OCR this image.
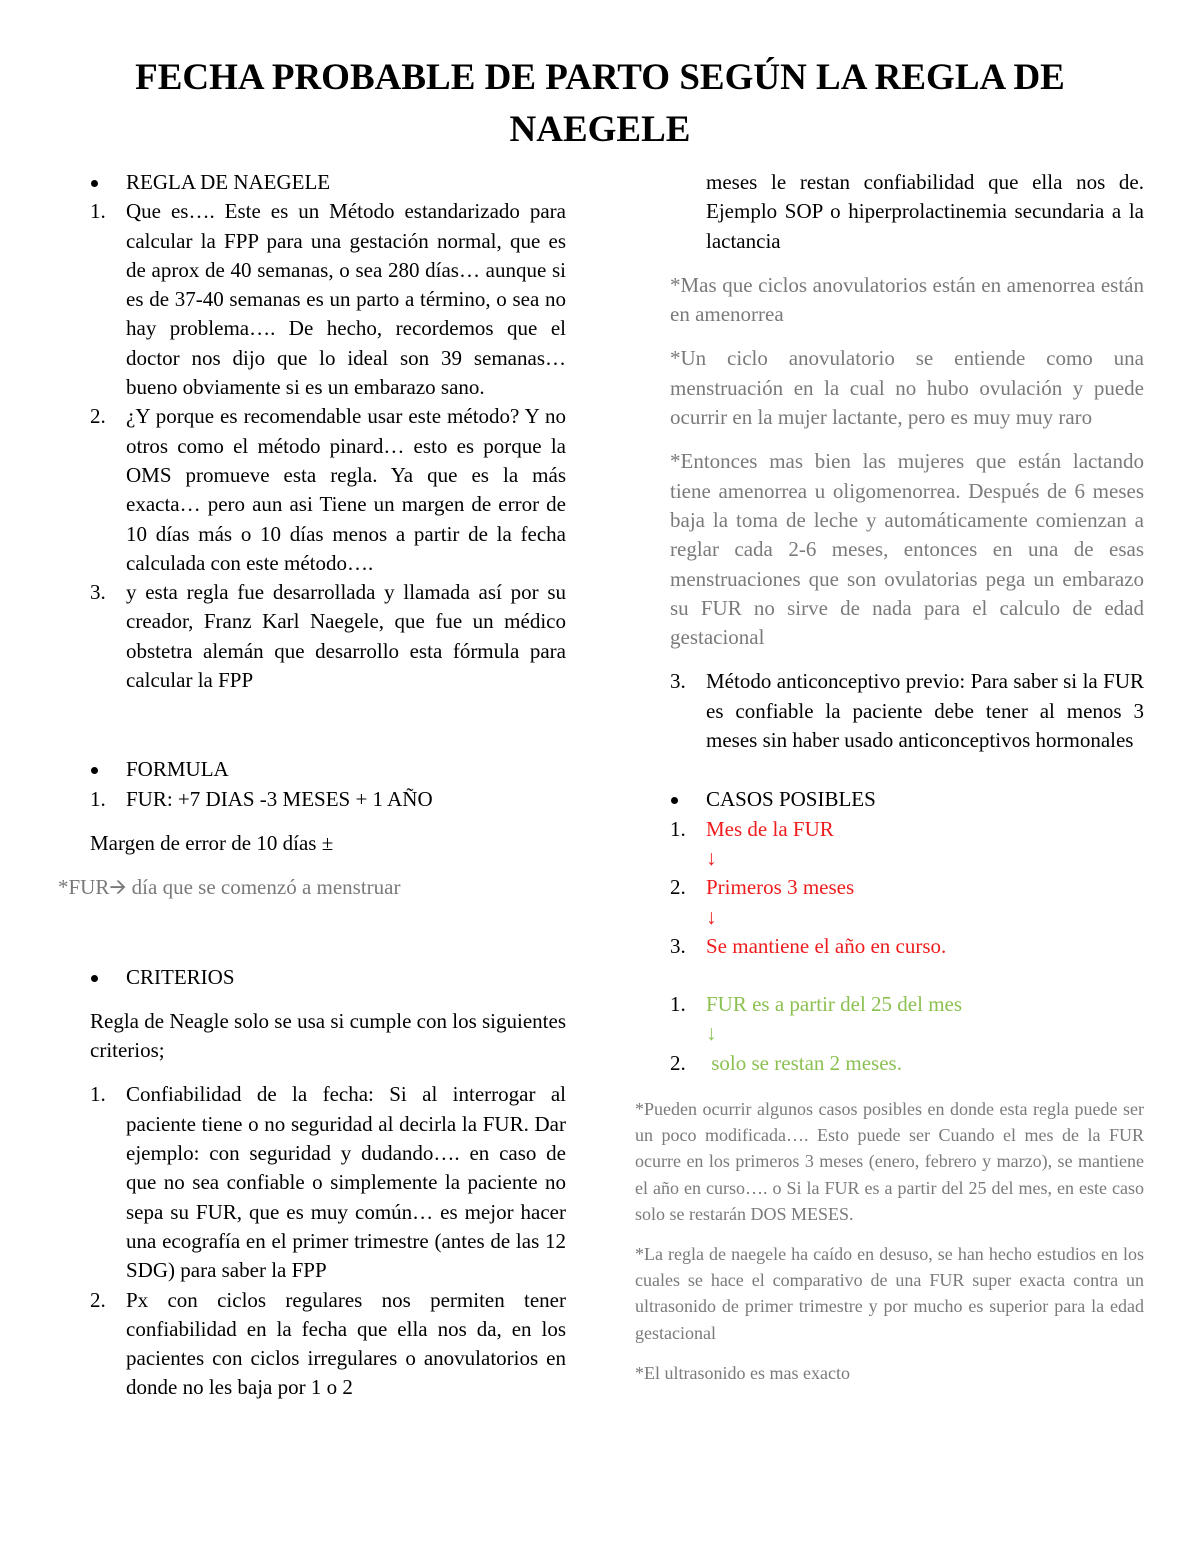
FECHA PROBABLE DE PARTO SEGÚN LA REGLA DE NAEGELE
REGLA DE NAEGELE
1. Que es…. Este es un Método estandarizado para calcular la FPP para una gestación normal, que es de aprox de 40 semanas, o sea 280 días… aunque si es de 37-40 semanas es un parto a término, o sea no hay problema…. De hecho, recordemos que el doctor nos dijo que lo ideal son 39 semanas… bueno obviamente si es un embarazo sano.
2. ¿Y porque es recomendable usar este método? Y no otros como el método pinard… esto es porque la OMS promueve esta regla. Ya que es la más exacta… pero aun asi Tiene un margen de error de 10 días más o 10 días menos a partir de la fecha calculada con este método….
3. y esta regla fue desarrollada y llamada así por su creador, Franz Karl Naegele, que fue un médico obstetra alemán que desarrollo esta fórmula para calcular la FPP
FORMULA
1. FUR: +7 DIAS -3 MESES + 1 AÑO

Margen de error de 10 días ±

*FUR🡪 día que se comenzó a menstruar

CRITERIOS

Regla de Neagle solo se usa si cumple con los siguientes criterios;

1. Confiabilidad de la fecha: Si al interrogar al paciente tiene o no seguridad al decirla la FUR. Dar ejemplo: con seguridad y dudando…. en caso de que no sea confiable o simplemente la paciente no sepa su FUR, que es muy común… es mejor hacer una ecografía en el primer trimestre (antes de las 12 SDG) para saber la FPP
2. Px con ciclos regulares nos permiten tener confiabilidad en la fecha que ella nos da, en los pacientes con ciclos irregulares o anovulatorios en donde no les baja por 1 o 2
meses le restan confiabilidad que ella nos de. Ejemplo SOP o hiperprolactinemia secundaria a la lactancia

*Mas que ciclos anovulatorios están en amenorrea están en amenorrea

*Un ciclo anovulatorio se entiende como una menstruación en la cual no hubo ovulación y puede ocurrir en la mujer lactante, pero es muy muy raro

*Entonces mas bien las mujeres que están lactando tiene amenorrea u oligomenorrea. Después de 6 meses baja la toma de leche y automáticamente comienzan a reglar cada 2-6 meses, entonces en una de esas menstruaciones que son ovulatorias pega un embarazo su FUR no sirve de nada para el calculo de edad gestacional

3. Método anticonceptivo previo: Para saber si la FUR es confiable la paciente debe tener al menos 3 meses sin haber usado anticonceptivos hormonales
CASOS POSIBLES
1. Mes de la FUR
↓
2. Primeros 3 meses
↓
3. Se mantiene el año en curso.
1. FUR es a partir del 25 del mes
↓
2. solo se restan 2 meses.

*Pueden ocurrir algunos casos posibles en donde esta regla puede ser un poco modificada…. Esto puede ser Cuando el mes de la FUR ocurre en los primeros 3 meses (enero, febrero y marzo), se mantiene el año en curso…. o Si la FUR es a partir del 25 del mes, en este caso solo se restarán DOS MESES.

*La regla de naegele ha caído en desuso, se han hecho estudios en los cuales se hace el comparativo de una FUR super exacta contra un ultrasonido de primer trimestre y por mucho es superior para la edad gestacional

*El ultrasonido es mas exacto
